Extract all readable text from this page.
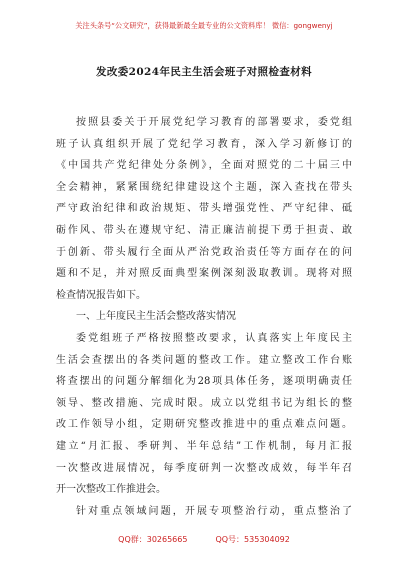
关注头条号“公文研究”，获得最新最全最专业的公文资料库！ 微信：gongwenyj
发改委2024年民主生活会班子对照检查材料
按照县委关于开展党纪学习教育的部署要求，委党组
班子认真组织开展了党纪学习教育，深入学习新修订的
《中国共产党纪律处分条例》，全面对照党的二十届三中
全会精神，紧紧围绕纪律建设这个主题，深入查找在带头
严守政治纪律和政治规矩、带头增强党性、严守纪律、砥
砺作风、带头在遵规守纪、清正廉洁前提下勇于担责、敢
于创新、带头履行全面从严治党政治责任等方面存在的问
题和不足，并对照反面典型案例深刻汲取教训。现将对照
检查情况报告如下。
一、上年度民主生活会整改落实情况
委党组班子严格按照整改要求，认真落实上年度民主
生活会查摆出的各类问题的整改工作。建立整改工作台账
将查摆出的问题分解细化为28项具体任务，逐项明确责任
领导、整改措施、完成时限。成立以党组书记为组长的整
改工作领导小组，定期研究整改推进中的重点难点问题。
建立“月汇报、季研判、半年总结”工作机制，每月汇报
一次整改进展情况，每季度研判一次整改成效，每半年召
开一次整改工作推进会。
针对重点领域问题，开展专项整治行动，重点整治了
QQ群：30265665	QQ号：535304092
